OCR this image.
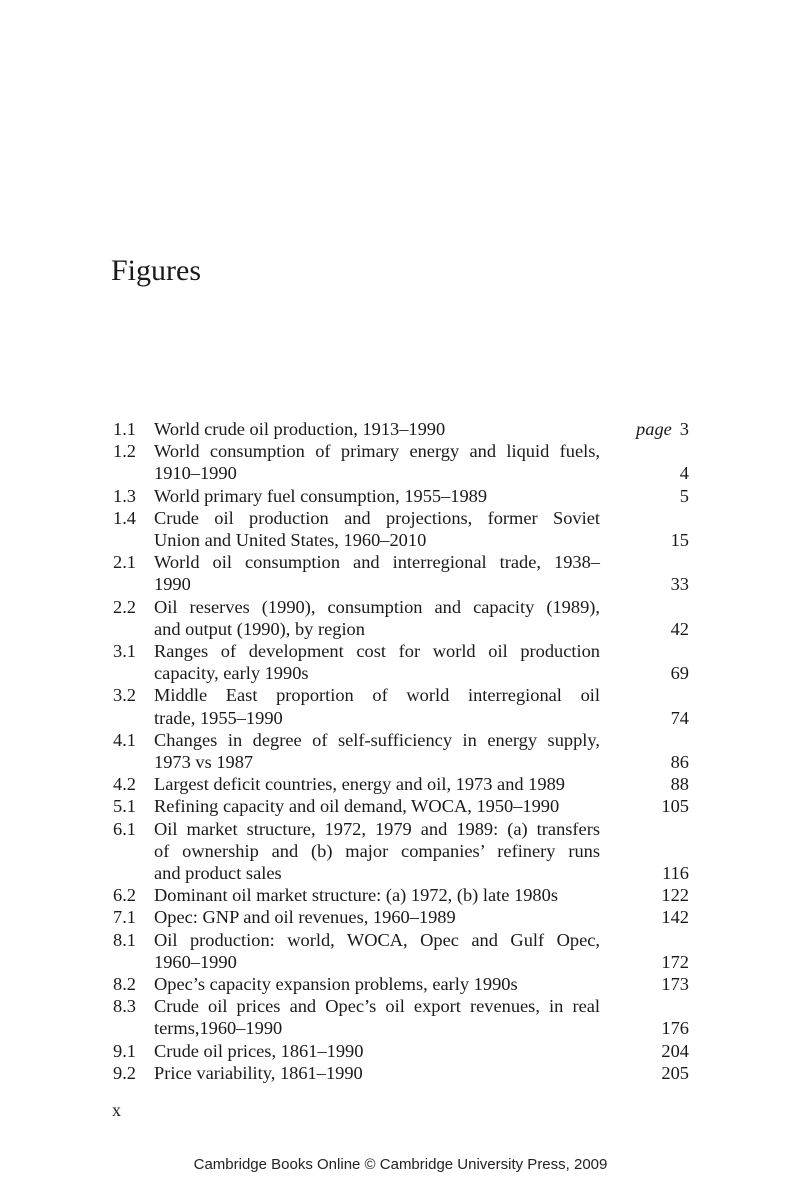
Figures
1.1 World crude oil production, 1913–1990	page 3
1.2 World consumption of primary energy and liquid fuels,
1910–1990	4
1.3 World primary fuel consumption, 1955–1989	5
1.4 Crude oil production and projections, former Soviet
Union and United States, 1960–2010	15
2.1 World oil consumption and interregional trade, 1938–
1990	33
2.2 Oil reserves (1990), consumption and capacity (1989),
and output (1990), by region	42
3.1 Ranges of development cost for world oil production
capacity, early 1990s	69
3.2 Middle East proportion of world interregional oil
trade, 1955–1990	74
4.1 Changes in degree of self-sufficiency in energy supply,
1973 vs 1987	86
4.2 Largest deficit countries, energy and oil, 1973 and 1989	88
5.1 Refining capacity and oil demand, WOCA, 1950–1990	105
6.1 Oil market structure, 1972, 1979 and 1989: (a) transfers
of ownership and (b) major companies’ refinery runs
and product sales	116
6.2 Dominant oil market structure: (a) 1972, (b) late 1980s	122
7.1 Opec: GNP and oil revenues, 1960–1989	142
8.1 Oil production: world, WOCA, Opec and Gulf Opec,
1960–1990	172
8.2 Opec’s capacity expansion problems, early 1990s	173
8.3 Crude oil prices and Opec’s oil export revenues, in real
terms,1960–1990	176
9.1 Crude oil prices, 1861–1990	204
9.2 Price variability, 1861–1990	205
x
Cambridge Books Online © Cambridge University Press, 2009
